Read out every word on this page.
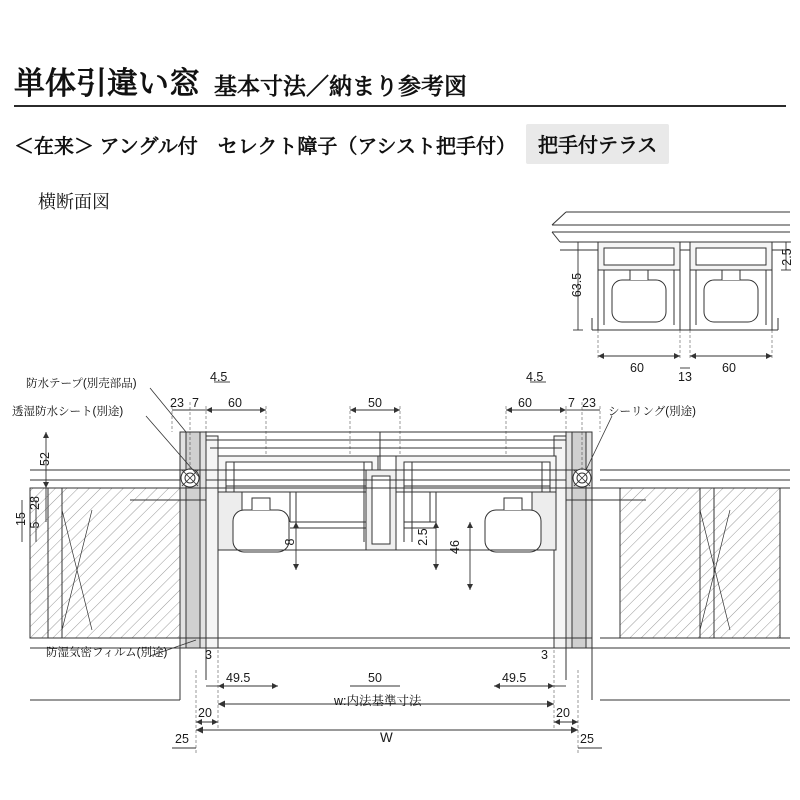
単体引違い窓 基本寸法／納まり参考図
＜在来＞ アングル付　セレクト障子（アシスト把手付）	把手付テラス
横断面図
防水テープ(別売部品)
透湿防水シート(別途)	シーリング(別途)
防湿気密フィルム(別途)
w:内法基準寸法
63.5
2.5
60	60
13
4.5	4.5
23 7 60	50	60	7 23
52
28
15 5
8	2.5
46
3
49.5	50
3
49.5
20	20
25	25
W
